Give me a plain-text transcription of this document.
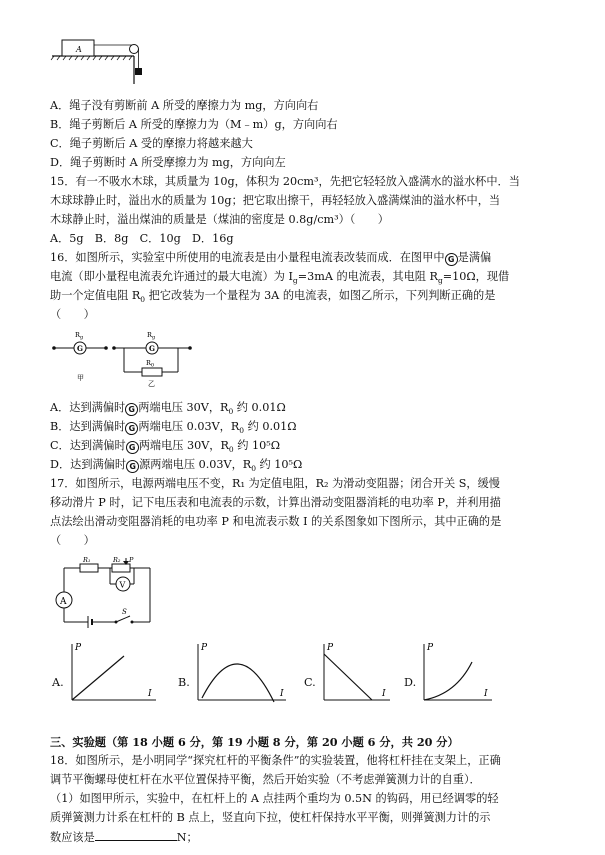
A
A．绳子没有剪断前 A 所受的摩擦力为 mg，方向向右
B．绳子剪断后 A 所受的摩擦力为（M﹣m）g，方向向右
C．绳子剪断后 A 受的摩擦力将越来越大
D．绳子剪断时 A 所受摩擦力为 mg，方向向左
15．有一不吸水木球，其质量为 10g，体积为 20cm³，先把它轻轻放入盛满水的溢水杯中．当
木球球静止时，溢出水的质量为 10g；把它取出擦干，再轻轻放入盛满煤油的溢水杯中，当
木球静止时，溢出煤油的质量是（煤油的密度是 0.8g/cm³）（　　）
A．5g　B．8g　C．10g　D．16g
16．如图所示，实验室中所使用的电流表是由小量程电流表改装而成．在图甲中 G 是满偏
电流（即小量程电流表允许通过的最大电流）为 $I_g=3mA$ 的电流表，其电阻 $R_g=10\Omega$，现借
助一个定值电阻 $R_0$ 把它改装为一个量程为 3A 的电流表，如图乙所示，下列判断正确的是
（　　）
G
$R_g$
甲
G
$R_g$
$R_0$
乙
A．达到满偏时 G 两端电压 30V，$R_0$ 约 0.01Ω
B．达到满偏时 G 两端电压 0.03V，$R_0$ 约 0.01Ω
C．达到满偏时 G 两端电压 30V，$R_0$ 约 10⁵Ω
D．达到满偏时 G 源两端电压 0.03V，$R_0$ 约 10⁵Ω
17．如图所示，电源两端电压不变，R₁ 为定值电阻，R₂ 为滑动变阻器；闭合开关 S，缓慢
移动滑片 P 时，记下电压表和电流表的示数，计算出滑动变阻器消耗的电功率 P，并利用描
点法绘出滑动变阻器消耗的电功率 P 和电流表示数 I 的关系图象如下图所示，其中正确的是
（　　）
A
S
P
R₁	R₂
V
A.
P
I
B.
P
I
C.
P
I
D.
P
I
三、实验题（第 18 小题 6 分，第 19 小题 8 分，第 20 小题 6 分，共 20 分）
18．如图所示，是小明同学“探究杠杆的平衡条件”的实验装置，他将杠杆挂在支架上，正确
调节平衡螺母使杠杆在水平位置保持平衡，然后开始实验（不考虑弹簧测力计的自重）．
（1）如图甲所示，实验中，在杠杆上的 A 点挂两个重均为 0.5N 的钩码，用已经调零的轻
质弹簧测力计系在杠杆的 B 点上，竖直向下拉，使杠杆保持水平平衡，则弹簧测力计的示
数应该是	N；
